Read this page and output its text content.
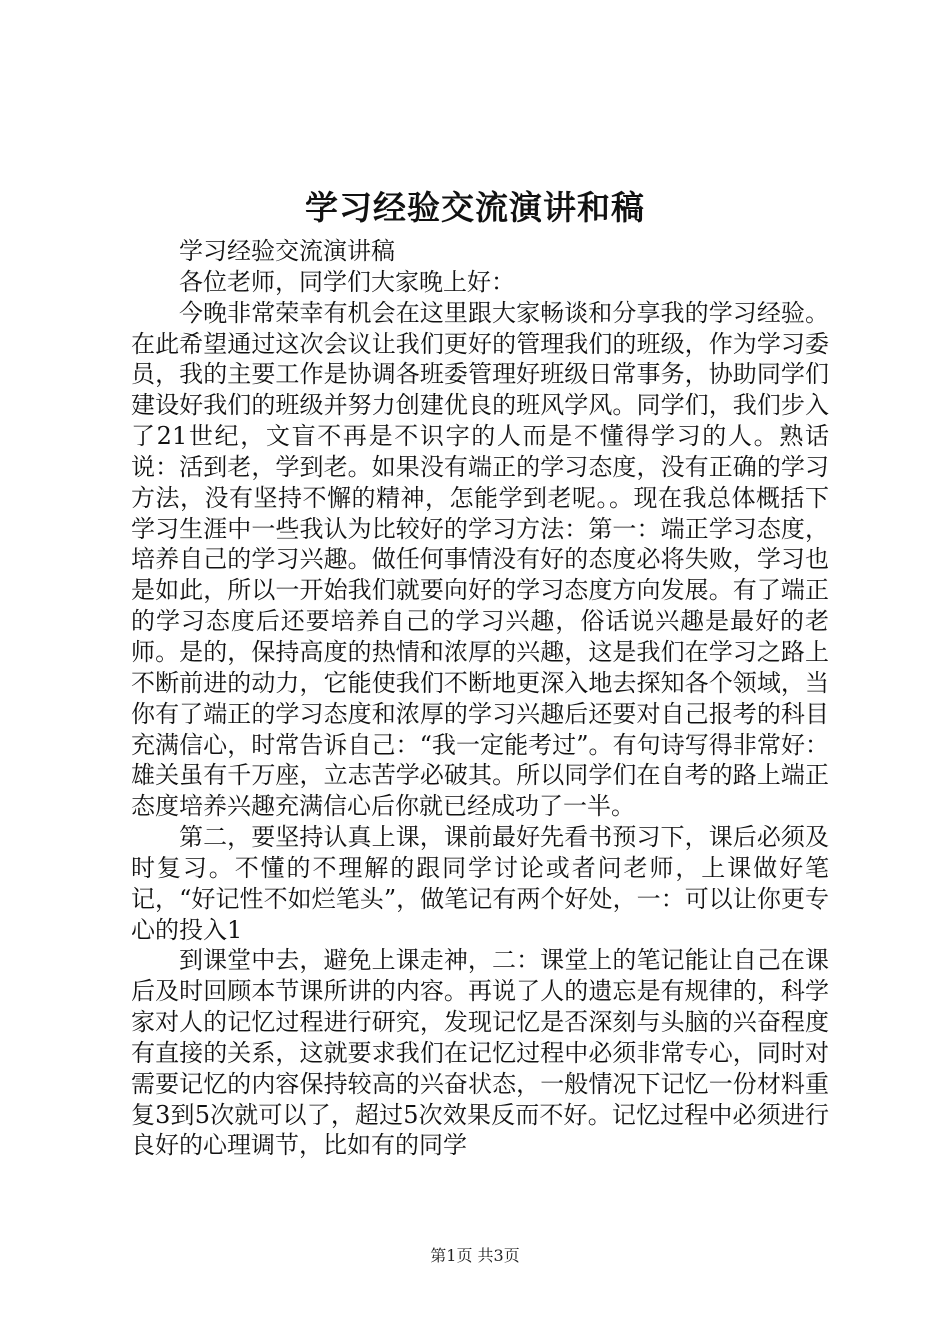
学习经验交流演讲和稿

学习经验交流演讲稿

各位老师，同学们大家晚上好：

今晚非常荣幸有机会在这里跟大家畅谈和分享我的学习经验。在此希望通过这次会议让我们更好的管理我们的班级，作为学习委员，我的主要工作是协调各班委管理好班级日常事务，协助同学们建设好我们的班级并努力创建优良的班风学风。同学们，我们步入了21世纪，文盲不再是不识字的人而是不懂得学习的人。熟话说：活到老，学到老。如果没有端正的学习态度，没有正确的学习方法，没有坚持不懈的精神，怎能学到老呢。。现在我总体概括下学习生涯中一些我认为比较好的学习方法：第一：端正学习态度，培养自己的学习兴趣。做任何事情没有好的态度必将失败，学习也是如此，所以一开始我们就要向好的学习态度方向发展。有了端正的学习态度后还要培养自己的学习兴趣，俗话说兴趣是最好的老师。是的，保持高度的热情和浓厚的兴趣，这是我们在学习之路上不断前进的动力，它能使我们不断地更深入地去探知各个领域，当你有了端正的学习态度和浓厚的学习兴趣后还要对自己报考的科目充满信心，时常告诉自己：“我一定能考过”。有句诗写得非常好：雄关虽有千万座，立志苦学必破其。所以同学们在自考的路上端正态度培养兴趣充满信心后你就已经成功了一半。

第二，要坚持认真上课，课前最好先看书预习下，课后必须及时复习。不懂的不理解的跟同学讨论或者问老师，上课做好笔记，“好记性不如烂笔头”，做笔记有两个好处，一：可以让你更专心的投入1

到课堂中去，避免上课走神，二：课堂上的笔记能让自己在课后及时回顾本节课所讲的内容。再说了人的遗忘是有规律的，科学家对人的记忆过程进行研究，发现记忆是否深刻与头脑的兴奋程度有直接的关系，这就要求我们在记忆过程中必须非常专心，同时对需要记忆的内容保持较高的兴奋状态，一般情况下记忆一份材料重复3到5次就可以了，超过5次效果反而不好。记忆过程中必须进行良好的心理调节，比如有的同学

第1页 共3页
